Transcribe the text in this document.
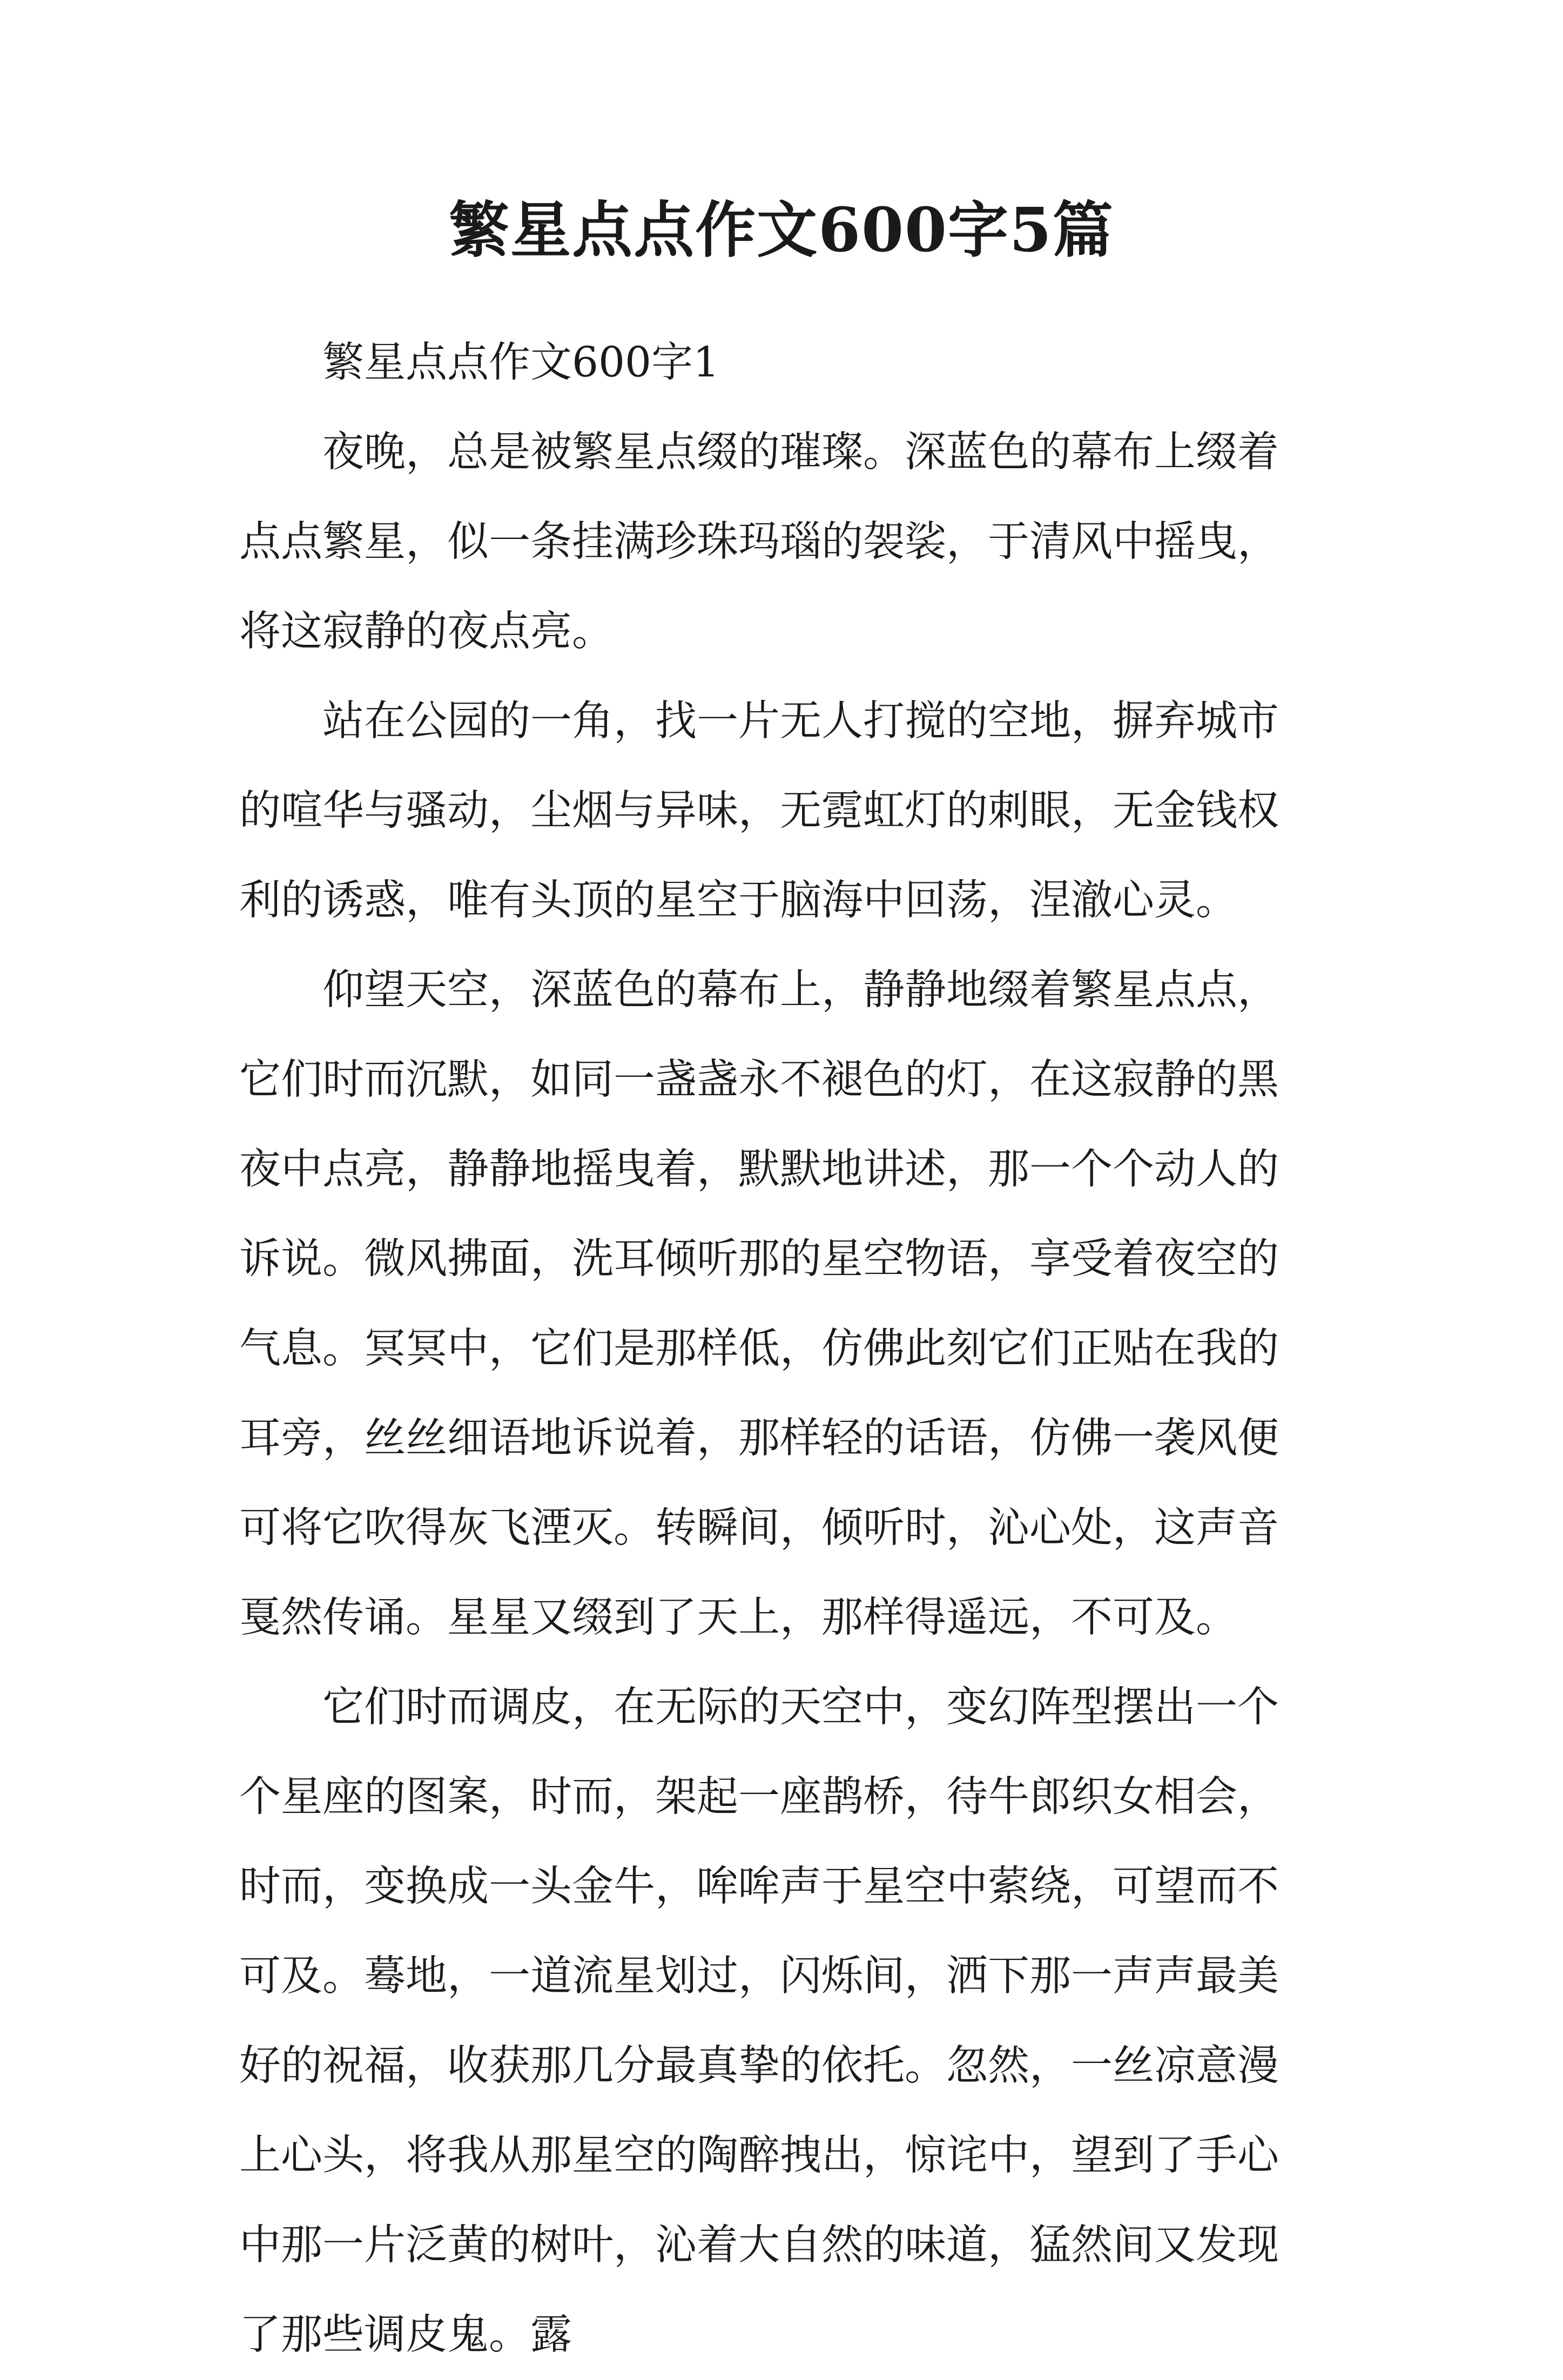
繁星点点作文600字5篇

繁星点点作文600字1

夜晚，总是被繁星点缀的璀璨。深蓝色的幕布上缀着点点繁星，似一条挂满珍珠玛瑙的袈裟，于清风中摇曳，将这寂静的夜点亮。

站在公园的一角，找一片无人打搅的空地，摒弃城市的喧华与骚动，尘烟与异味，无霓虹灯的刺眼，无金钱权利的诱惑，唯有头顶的星空于脑海中回荡，涅澈心灵。

仰望天空，深蓝色的幕布上，静静地缀着繁星点点，它们时而沉默，如同一盏盏永不褪色的灯，在这寂静的黑夜中点亮，静静地摇曳着，默默地讲述，那一个个动人的诉说。微风拂面，洗耳倾听那的星空物语，享受着夜空的气息。冥冥中，它们是那样低，仿佛此刻它们正贴在我的耳旁，丝丝细语地诉说着，那样轻的话语，仿佛一袭风便可将它吹得灰飞湮灭。转瞬间，倾听时，沁心处，这声音戛然传诵。星星又缀到了天上，那样得遥远，不可及。

它们时而调皮，在无际的天空中，变幻阵型摆出一个个星座的图案，时而，架起一座鹊桥，待牛郎织女相会，时而，变换成一头金牛，哞哞声于星空中萦绕，可望而不可及。蓦地，一道流星划过，闪烁间，洒下那一声声最美好的祝福，收获那几分最真挚的依托。忽然，一丝凉意漫上心头，将我从那星空的陶醉拽出，惊诧中，望到了手心中那一片泛黄的树叶，沁着大自然的味道，猛然间又发现了那些调皮鬼。露
